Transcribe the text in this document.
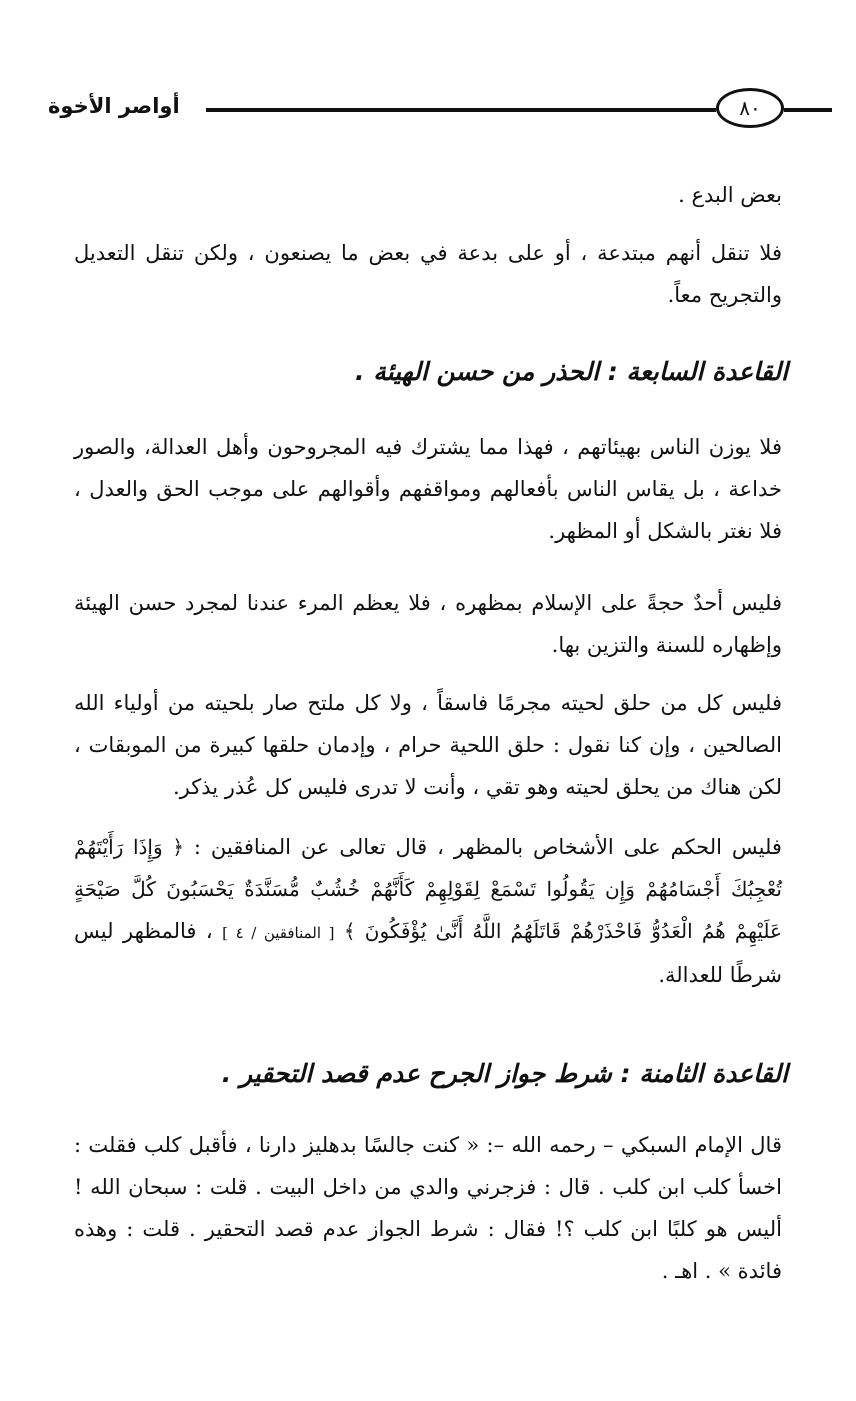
أواصر الأخوة	٨٠

بعض البدع .

فلا تنقل أنهم مبتدعة ، أو على بدعة في بعض ما يصنعون ، ولكن تنقل التعديل والتجريح معاً.

القاعدة السابعة : الحذر من حسن الهيئة .

فلا يوزن الناس بهيئاتهم ، فهذا مما يشترك فيه المجروحون وأهل العدالة، والصور خداعة ، بل يقاس الناس بأفعالهم ومواقفهم وأقوالهم على موجب الحق والعدل ، فلا نغتر بالشكل أو المظهر.

فليس أحدٌ حجةً على الإسلام بمظهره ، فلا يعظم المرء عندنا لمجرد حسن الهيئة وإظهاره للسنة والتزين بها.

فليس كل من حلق لحيته مجرمًا فاسقاً ، ولا كل ملتح صار بلحيته من أولياء الله الصالحين ، وإن كنا نقول : حلق اللحية حرام ، وإدمان حلقها كبيرة من الموبقات ، لكن هناك من يحلق لحيته وهو تقي ، وأنت لا تدرى فليس كل عُذر يذكر.

فليس الحكم على الأشخاص بالمظهر ، قال تعالى عن المنافقين : ﴿ وَإِذَا رَأَيْتَهُمْ تُعْجِبُكَ أَجْسَامُهُمْ وَإِن يَقُولُوا تَسْمَعْ لِقَوْلِهِمْ كَأَنَّهُمْ خُشُبٌ مُّسَنَّدَةٌ يَحْسَبُونَ كُلَّ صَيْحَةٍ عَلَيْهِمْ هُمُ الْعَدُوُّ فَاحْذَرْهُمْ قَاتَلَهُمُ اللَّهُ أَنَّىٰ يُؤْفَكُونَ ﴾ [ المنافقين / ٤ ] ، فالمظهر ليس شرطًا للعدالة.

القاعدة الثامنة : شرط جواز الجرح عدم قصد التحقير .

قال الإمام السبكي – رحمه الله –: « كنت جالسًا بدهليز دارنا ، فأقبل كلب فقلت : اخسأ كلب ابن كلب . قال : فزجرني والدي من داخل البيت . قلت : سبحان الله ! أليس هو كلبًا ابن كلب ؟! فقال : شرط الجواز عدم قصد التحقير . قلت : وهذه فائدة » . اهـ .
